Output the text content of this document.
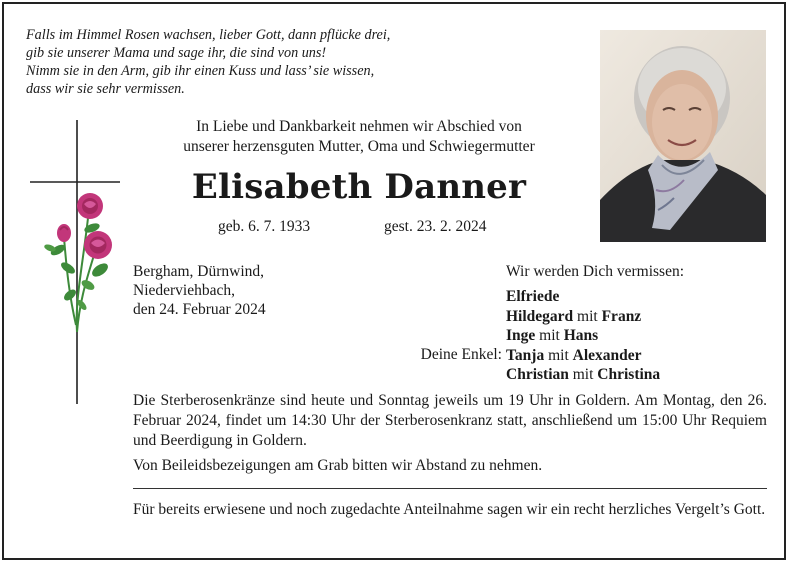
Falls im Himmel Rosen wachsen, lieber Gott, dann pflücke drei,
gib sie unserer Mama und sage ihr, die sind von uns!
Nimm sie in den Arm, gib ihr einen Kuss und lass’ sie wissen,
dass wir sie sehr vermissen.
In Liebe und Dankbarkeit nehmen wir Abschied von
unserer herzensguten Mutter, Oma und Schwiegermutter
Elisabeth Danner
geb. 6. 7. 1933	gest. 23. 2. 2024
Bergham, Dürnwind,
Niederviehbach,
den 24. Februar 2024
Wir werden Dich vermissen:
Elfriede
Hildegard mit Franz
Inge mit Hans
Tanja mit Alexander
Christian mit Christina
Deine Enkel:

Die Sterberosenkränze sind heute und Sonntag jeweils um 19 Uhr in Goldern. Am Montag, den 26. Februar 2024, findet um 14:30 Uhr der Sterberosenkranz statt, anschließend um 15:00 Uhr Requiem und Beerdigung in Goldern.

Von Beileidsbezeigungen am Grab bitten wir Abstand zu nehmen.

Für bereits erwiesene und noch zugedachte Anteilnahme sagen wir ein recht herzliches Vergelt’s Gott.
